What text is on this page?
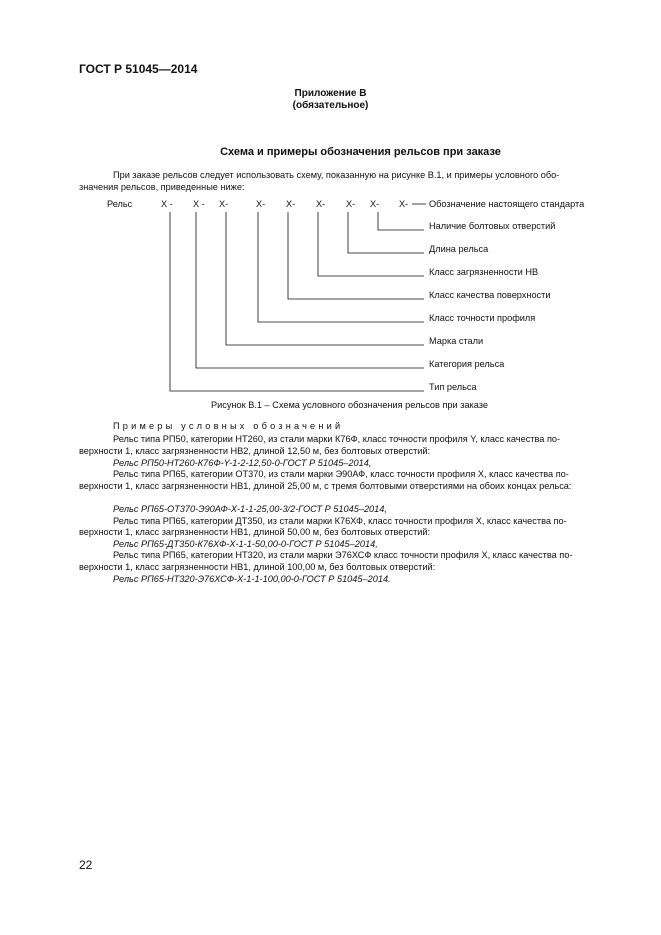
ГОСТ Р 51045—2014
Приложение В
(обязательное)
Схема и примеры обозначения рельсов при заказе
При заказе рельсов следует использовать схему, показанную на рисунке В.1, и примеры условного обо-
значения рельсов, приведенные ниже:
Рельс	Х - Х - Х-	Х- Х- Х- Х- Х- Х- Обозначение настоящего стандарта
Наличие болтовых отверстий
Длина рельса
Класс загрязненности НВ
Класс качества поверхности
Класс точности профиля
Марка стали
Категория рельса
Тип рельса
Рисунок В.1 – Схема условного обозначения рельсов при заказе
Примеры условных обозначений
Рельс типа РП50, категории НТ260, из стали марки К76Ф, класс точности профиля Y, класс качества по-
верхности 1, класс загрязненности НВ2, длиной 12,50 м, без болтовых отверстий:
Рельс РП50-НТ260-К76Ф-Y-1-2-12,50-0-ГОСТ Р 51045–2014,
Рельс типа РП65, категории ОТ370, из стали марки Э90АФ, класс точности профиля Х, класс качества по-
верхности 1, класс загрязненности НВ1, длиной 25,00 м, с тремя болтовыми отверстиями на обоих концах рельса:
Рельс РП65-ОТ370-Э90АФ-Х-1-1-25,00-3/2-ГОСТ Р 51045–2014,
Рельс типа РП65, категории ДТ350, из стали марки К76ХФ, класс точности профиля Х, класс качества по-
верхности 1, класс загрязненности НВ1, длиной 50,00 м, без болтовых отверстий:
Рельс РП65-ДТ350-К76ХФ-Х-1-1-50,00-0-ГОСТ Р 51045–2014,
Рельс типа РП65, категории НТ320, из стали марки Э76ХСФ класс точности профиля Х, класс качества по-
верхности 1, класс загрязненности НВ1, длиной 100,00 м, без болтовых отверстий:
Рельс РП65-НТ320-Э76ХСФ-Х-1-1-100,00-0-ГОСТ Р 51045–2014.
22
